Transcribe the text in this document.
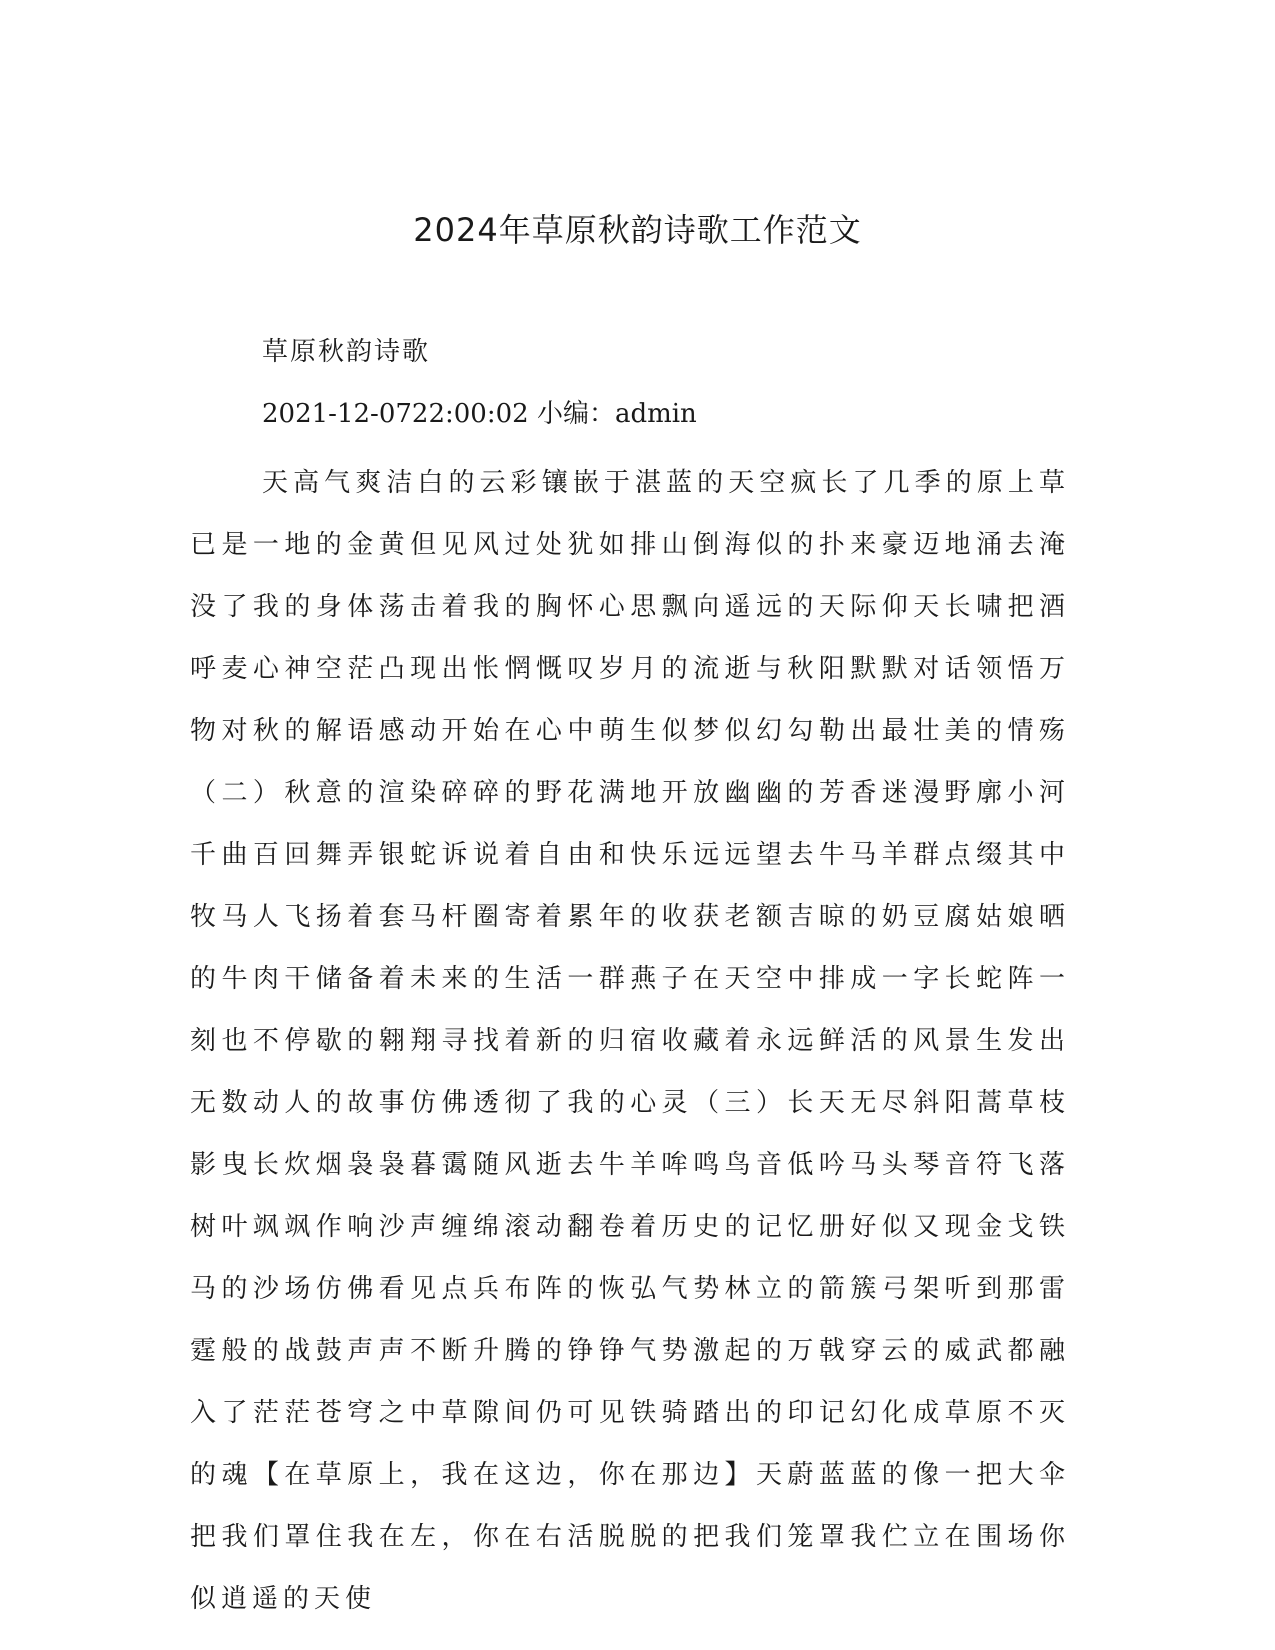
2024年草原秋韵诗歌工作范文

草原秋韵诗歌

2021-12-0722:00:02 小编：admin

天高气爽洁白的云彩镶嵌于湛蓝的天空疯长了几季的原上草已是一地的金黄但见风过处犹如排山倒海似的扑来豪迈地涌去淹没了我的身体荡击着我的胸怀心思飘向遥远的天际仰天长啸把酒呼麦心神空茫凸现出怅惘慨叹岁月的流逝与秋阳默默对话领悟万物对秋的解语感动开始在心中萌生似梦似幻勾勒出最壮美的情殇（二）秋意的渲染碎碎的野花满地开放幽幽的芳香迷漫野廓小河千曲百回舞弄银蛇诉说着自由和快乐远远望去牛马羊群点缀其中牧马人飞扬着套马杆圈寄着累年的收获老额吉晾的奶豆腐姑娘晒的牛肉干储备着未来的生活一群燕子在天空中排成一字长蛇阵一刻也不停歇的翱翔寻找着新的归宿收藏着永远鲜活的风景生发出无数动人的故事仿佛透彻了我的心灵（三）长天无尽斜阳蒿草枝影曳长炊烟袅袅暮霭随风逝去牛羊哞鸣鸟音低吟马头琴音符飞落树叶飒飒作响沙声缠绵滚动翻卷着历史的记忆册好似又现金戈铁马的沙场仿佛看见点兵布阵的恢弘气势林立的箭簇弓架听到那雷霆般的战鼓声声不断升腾的铮铮气势激起的万戟穿云的威武都融入了茫茫苍穹之中草隙间仍可见铁骑踏出的印记幻化成草原不灭的魂【在草原上，我在这边，你在那边】天蔚蓝蓝的像一把大伞把我们罩住我在左，你在右活脱脱的把我们笼罩我伫立在围场你似逍遥的天使
